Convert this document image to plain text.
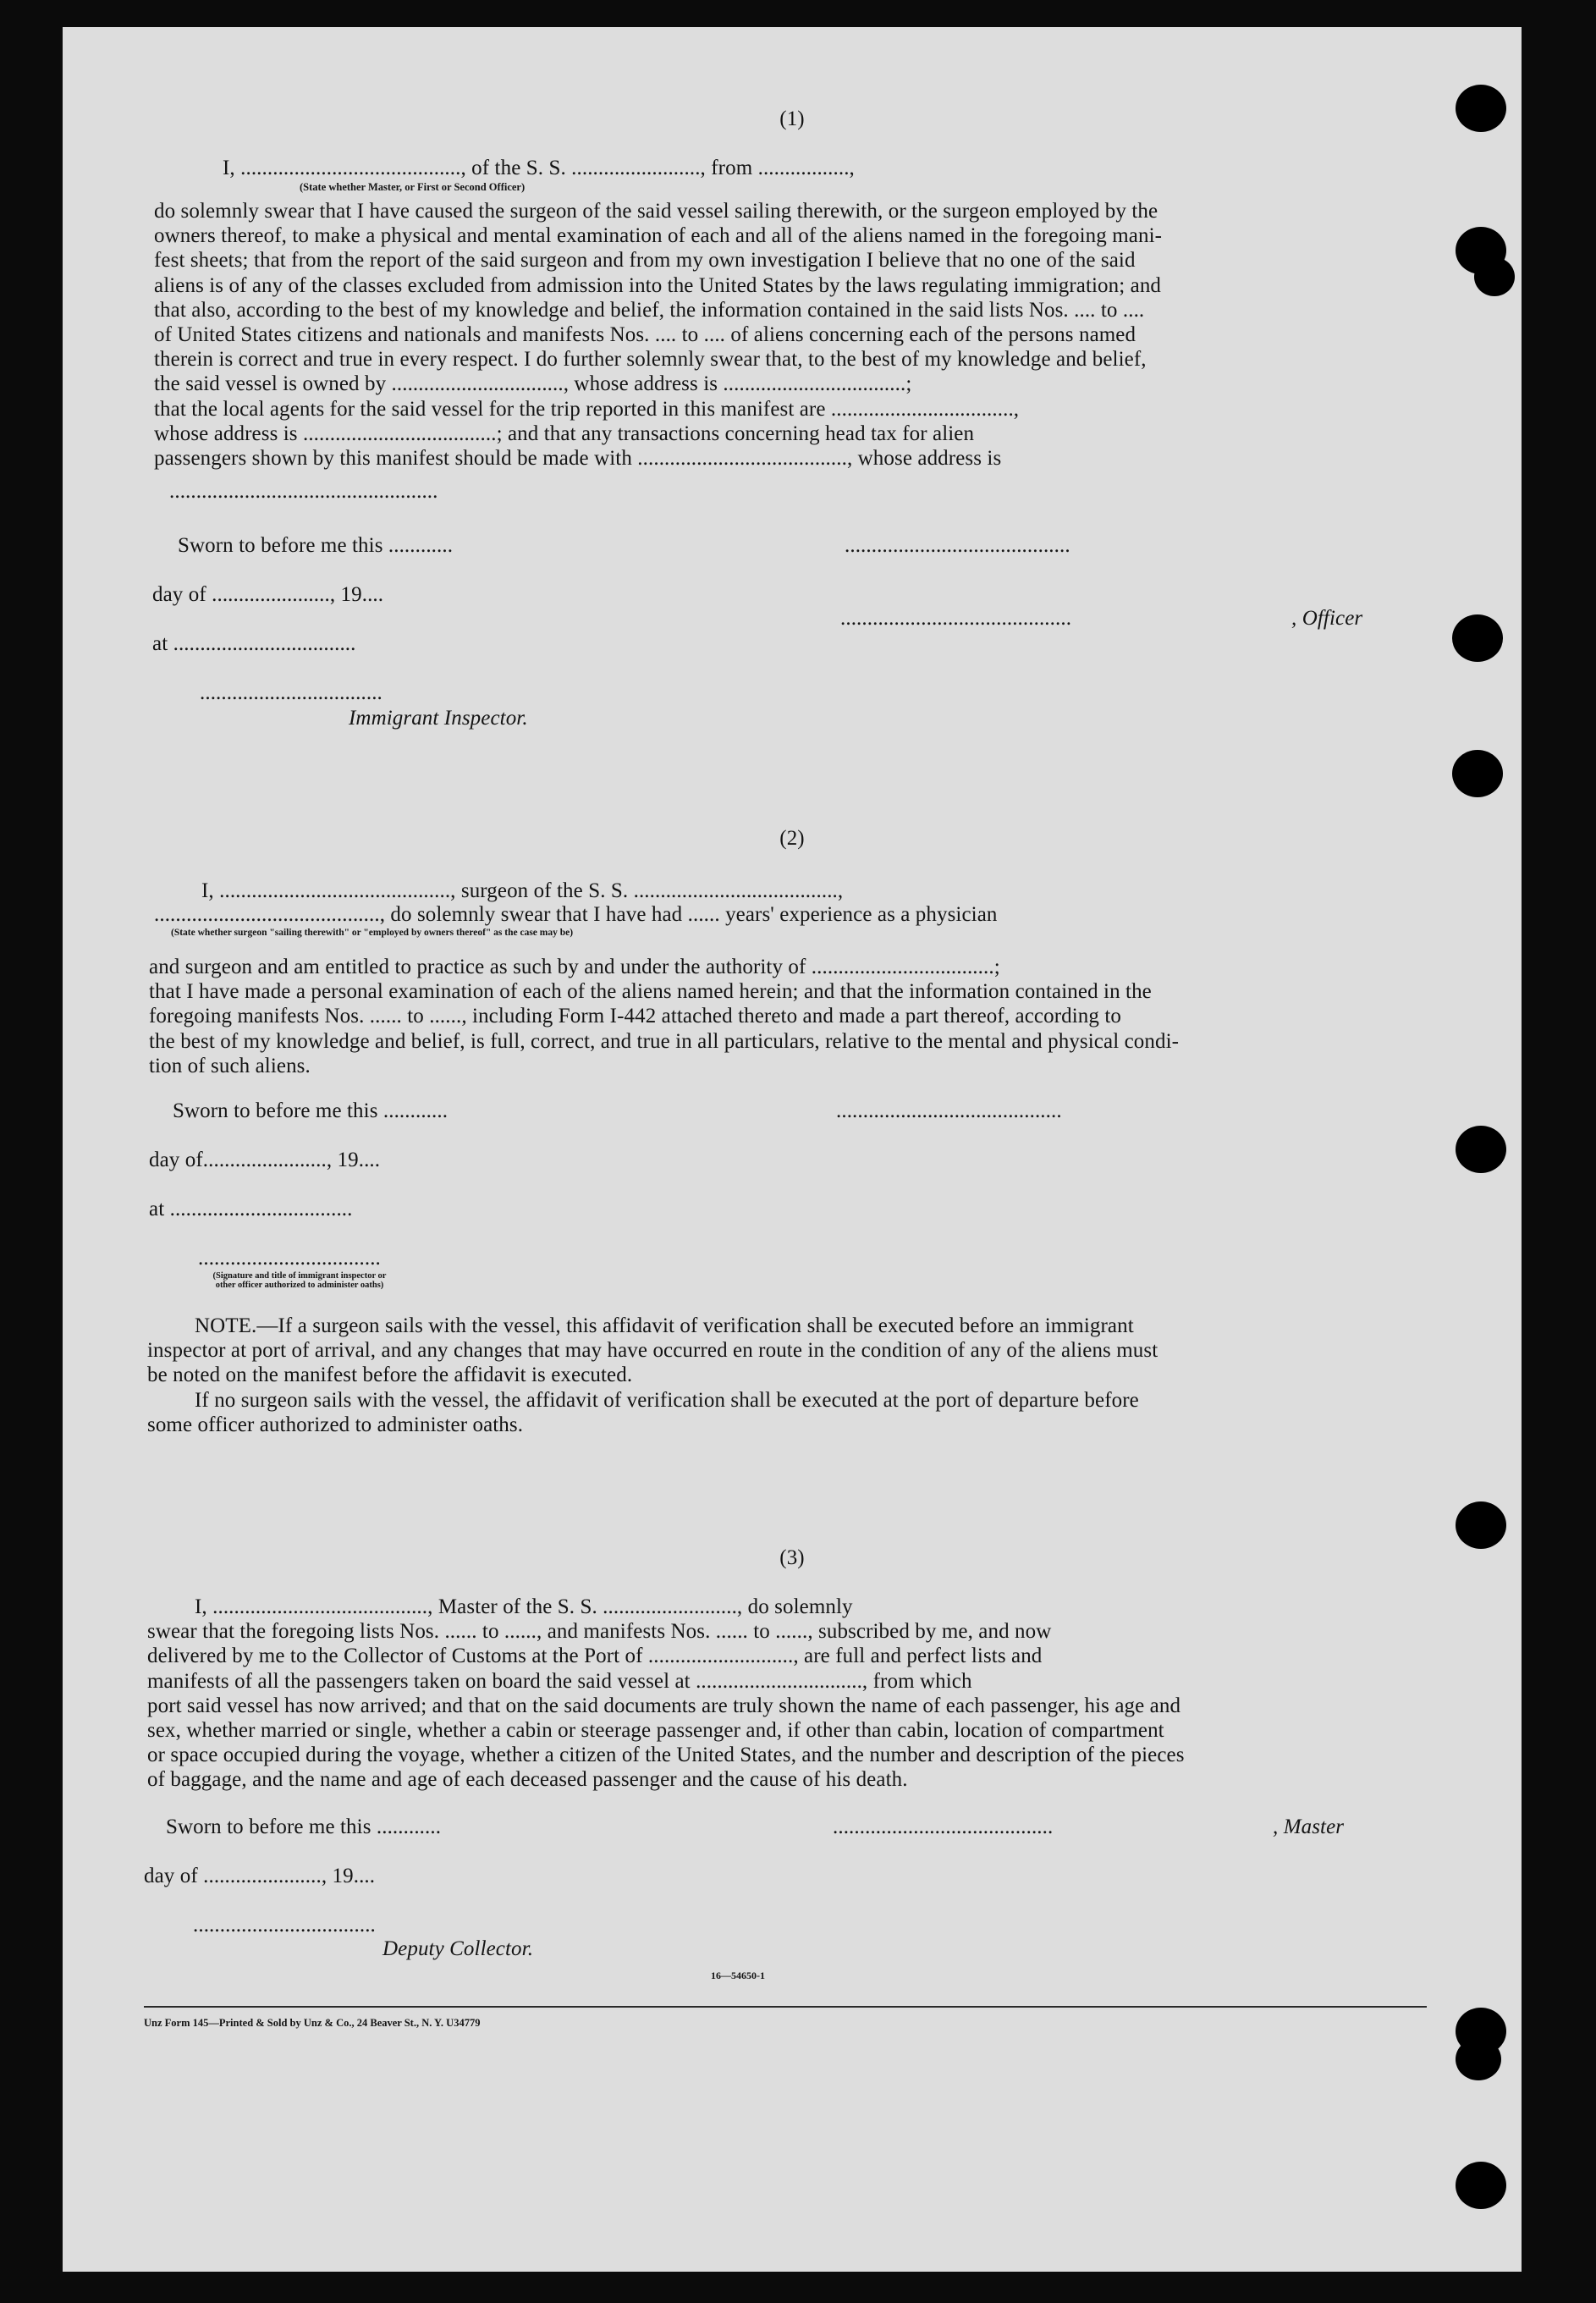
(1)
I, ........................................., of the S. S. ........................, from .................,
(State whether Master, or First or Second Officer)
do solemnly swear that I have caused the surgeon of the said vessel sailing therewith, or the surgeon employed by the
owners thereof, to make a physical and mental examination of each and all of the aliens named in the foregoing mani-
fest sheets; that from the report of the said surgeon and from my own investigation I believe that no one of the said
aliens is of any of the classes excluded from admission into the United States by the laws regulating immigration; and
that also, according to the best of my knowledge and belief, the information contained in the said lists Nos. .... to ....
of United States citizens and nationals and manifests Nos. .... to .... of aliens concerning each of the persons named
therein is correct and true in every respect. I do further solemnly swear that, to the best of my knowledge and belief,
the said vessel is owned by ................................, whose address is ..................................;
that the local agents for the said vessel for the trip reported in this manifest are ..................................,
whose address is ....................................; and that any transactions concerning head tax for alien
passengers shown by this manifest should be made with ......................................., whose address is
..................................................
Sworn to before me this ............	..........................................
day of ......................, 19....
...........................................	, Officer
at ..................................
..................................
Immigrant Inspector.
(2)
I, ..........................................., surgeon of the S. S. ......................................,
.........................................., do solemnly swear that I have had ...... years' experience as a physician
(State whether surgeon "sailing therewith" or "employed by owners thereof" as the case may be)
and surgeon and am entitled to practice as such by and under the authority of ..................................;
that I have made a personal examination of each of the aliens named herein; and that the information contained in the
foregoing manifests Nos. ...... to ......, including Form I-442 attached thereto and made a part thereof, according to
the best of my knowledge and belief, is full, correct, and true in all particulars, relative to the mental and physical condi-
tion of such aliens.
Sworn to before me this ............	..........................................
day of......................., 19....
at ..................................
..................................
(Signature and title of immigrant inspector or other officer authorized to administer oaths)
NOTE.—If a surgeon sails with the vessel, this affidavit of verification shall be executed before an immigrant
inspector at port of arrival, and any changes that may have occurred en route in the condition of any of the aliens must
be noted on the manifest before the affidavit is executed.
If no surgeon sails with the vessel, the affidavit of verification shall be executed at the port of departure before
some officer authorized to administer oaths.
(3)
I, ........................................, Master of the S. S. ........................., do solemnly
swear that the foregoing lists Nos. ...... to ......, and manifests Nos. ...... to ......, subscribed by me, and now
delivered by me to the Collector of Customs at the Port of ..........................., are full and perfect lists and
manifests of all the passengers taken on board the said vessel at ..............................., from which
port said vessel has now arrived; and that on the said documents are truly shown the name of each passenger, his age and
sex, whether married or single, whether a cabin or steerage passenger and, if other than cabin, location of compartment
or space occupied during the voyage, whether a citizen of the United States, and the number and description of the pieces
of baggage, and the name and age of each deceased passenger and the cause of his death.
Sworn to before me this ............	.........................................	, Master
day of ......................, 19....
..................................
Deputy Collector.
16—54650-1
Unz Form 145—Printed & Sold by Unz & Co., 24 Beaver St., N. Y. U34779
